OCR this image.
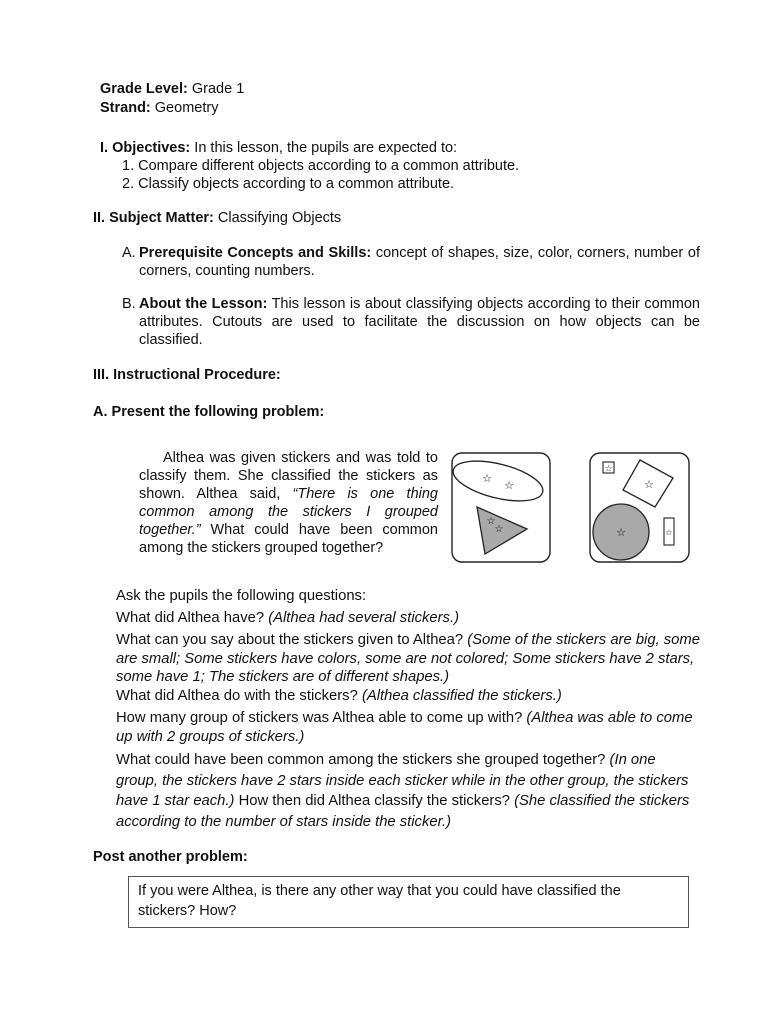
Grade Level: Grade 1
Strand: Geometry
I. Objectives: In this lesson, the pupils are expected to:
1. Compare different objects according to a common attribute.
2. Classify objects according to a common attribute.
II. Subject Matter: Classifying Objects
A. Prerequisite Concepts and Skills: concept of shapes, size, color, corners, number of corners, counting numbers.
B. About the Lesson: This lesson is about classifying objects according to their common attributes. Cutouts are used to facilitate the discussion on how objects can be classified.
III. Instructional Procedure:
A. Present the following problem:
Althea was given stickers and was told to classify them. She classified the stickers as shown. Althea said, “There is one thing common among the stickers I grouped together.” What could have been common among the stickers grouped together?
☆
☆
☆
☆
☆
☆
☆	☆

Ask the pupils the following questions:

What did Althea have? (Althea had several stickers.)

What can you say about the stickers given to Althea? (Some of the stickers are big, some are small; Some stickers have colors, some are not colored; Some stickers have 2 stars, some have 1; The stickers are of different shapes.)

What did Althea do with the stickers? (Althea classified the stickers.)

How many group of stickers was Althea able to come up with? (Althea was able to come up with 2 groups of stickers.)

What could have been common among the stickers she grouped together? (In one group, the stickers have 2 stars inside each sticker while in the other group, the stickers have 1 star each.) How then did Althea classify the stickers? (She classified the stickers according to the number of stars inside the sticker.)

Post another problem:
If you were Althea, is there any other way that you could have classified the stickers? How?
